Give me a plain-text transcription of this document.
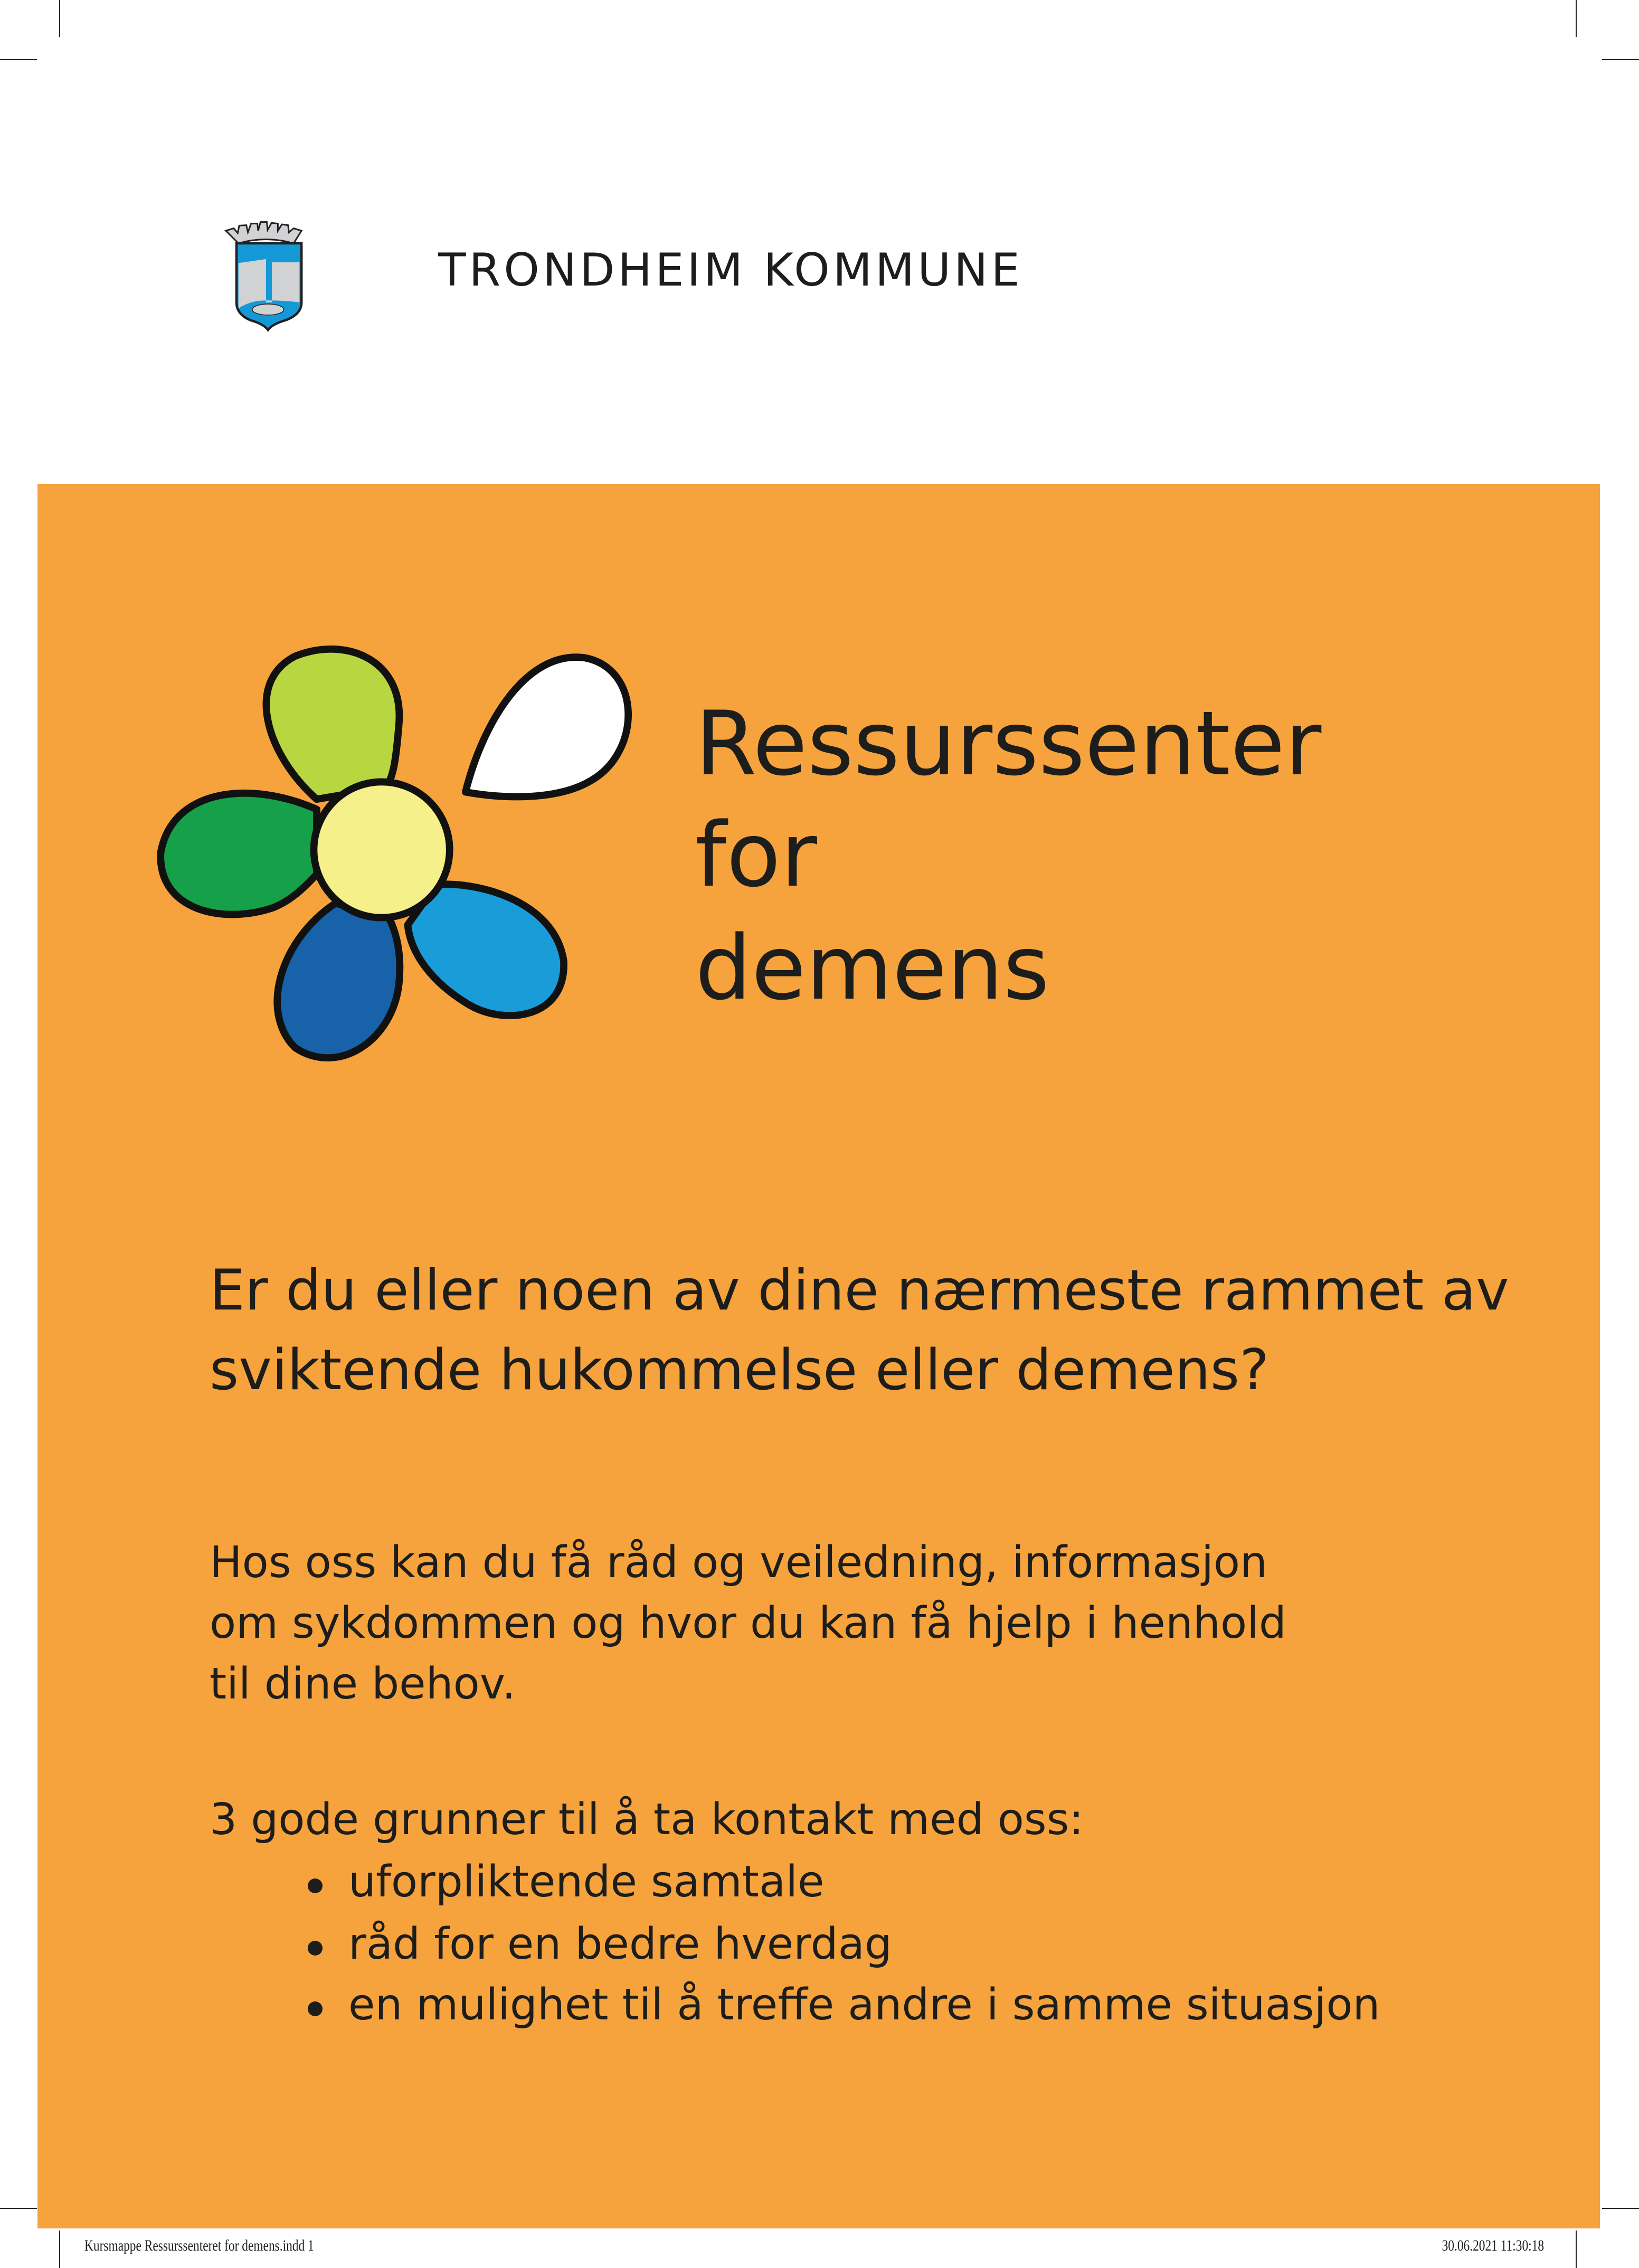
TRONDHEIM KOMMUNE
Ressurssenter
for
demens
Er du eller noen av dine nærmeste rammet av
sviktende hukommelse eller demens?
Hos oss kan du få råd og veiledning, informasjon
om sykdommen og hvor du kan få hjelp i henhold
til dine behov.
3 gode grunner til å ta kontakt med oss:
uforpliktende samtale
råd for en bedre hverdag
en mulighet til å treffe andre i samme situasjon
Kursmappe Ressurssenteret for demens.indd 1	30.06.2021 11:30:18
